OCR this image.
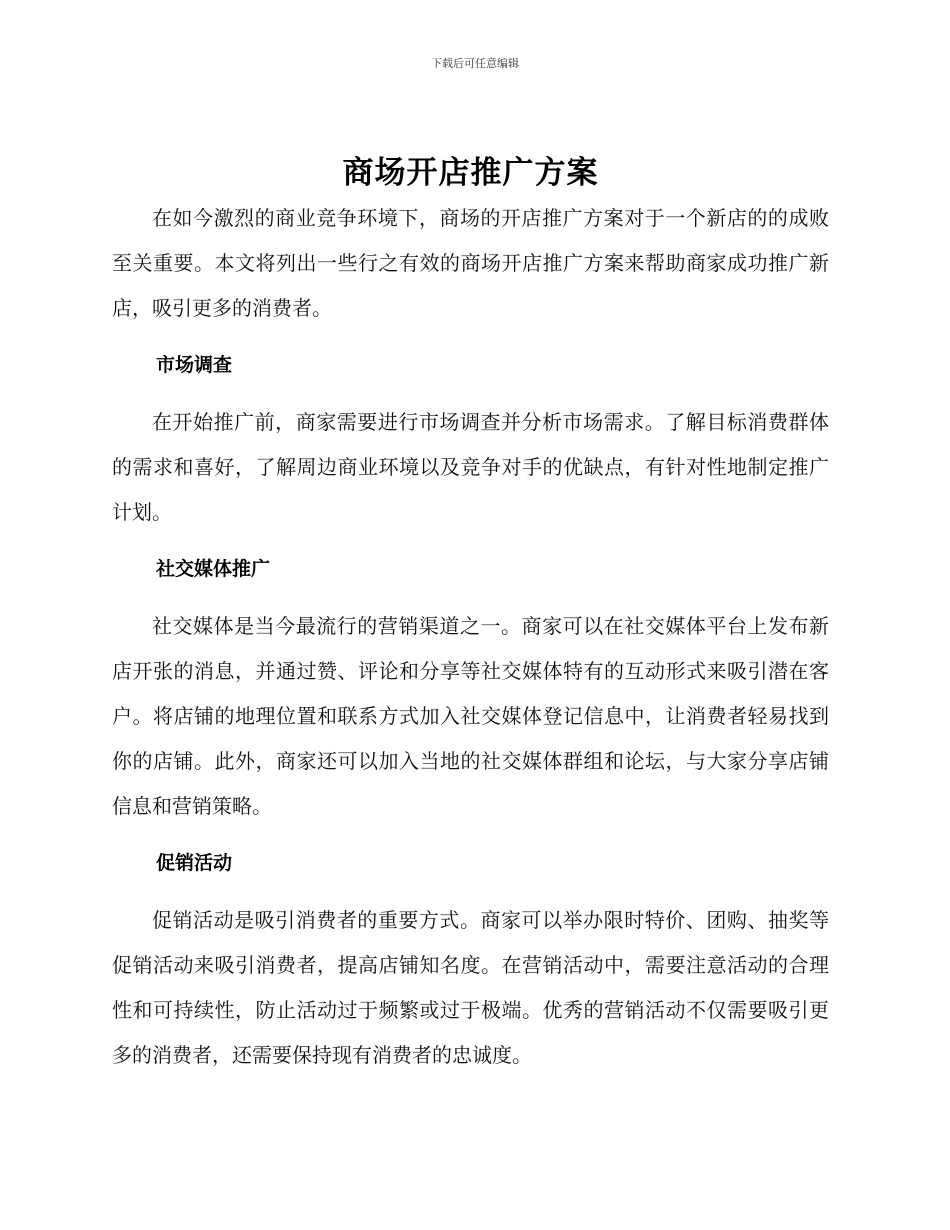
下载后可任意编辑
商场开店推广方案

在如今激烈的商业竞争环境下，商场的开店推广方案对于一个新店的的成败至关重要。本文将列出一些行之有效的商场开店推广方案来帮助商家成功推广新店，吸引更多的消费者。

市场调查

在开始推广前，商家需要进行市场调查并分析市场需求。了解目标消费群体的需求和喜好，了解周边商业环境以及竞争对手的优缺点，有针对性地制定推广计划。

社交媒体推广

社交媒体是当今最流行的营销渠道之一。商家可以在社交媒体平台上发布新店开张的消息，并通过赞、评论和分享等社交媒体特有的互动形式来吸引潜在客户。将店铺的地理位置和联系方式加入社交媒体登记信息中，让消费者轻易找到你的店铺。此外，商家还可以加入当地的社交媒体群组和论坛，与大家分享店铺信息和营销策略。

促销活动

促销活动是吸引消费者的重要方式。商家可以举办限时特价、团购、抽奖等促销活动来吸引消费者，提高店铺知名度。在营销活动中，需要注意活动的合理性和可持续性，防止活动过于频繁或过于极端。优秀的营销活动不仅需要吸引更多的消费者，还需要保持现有消费者的忠诚度。
